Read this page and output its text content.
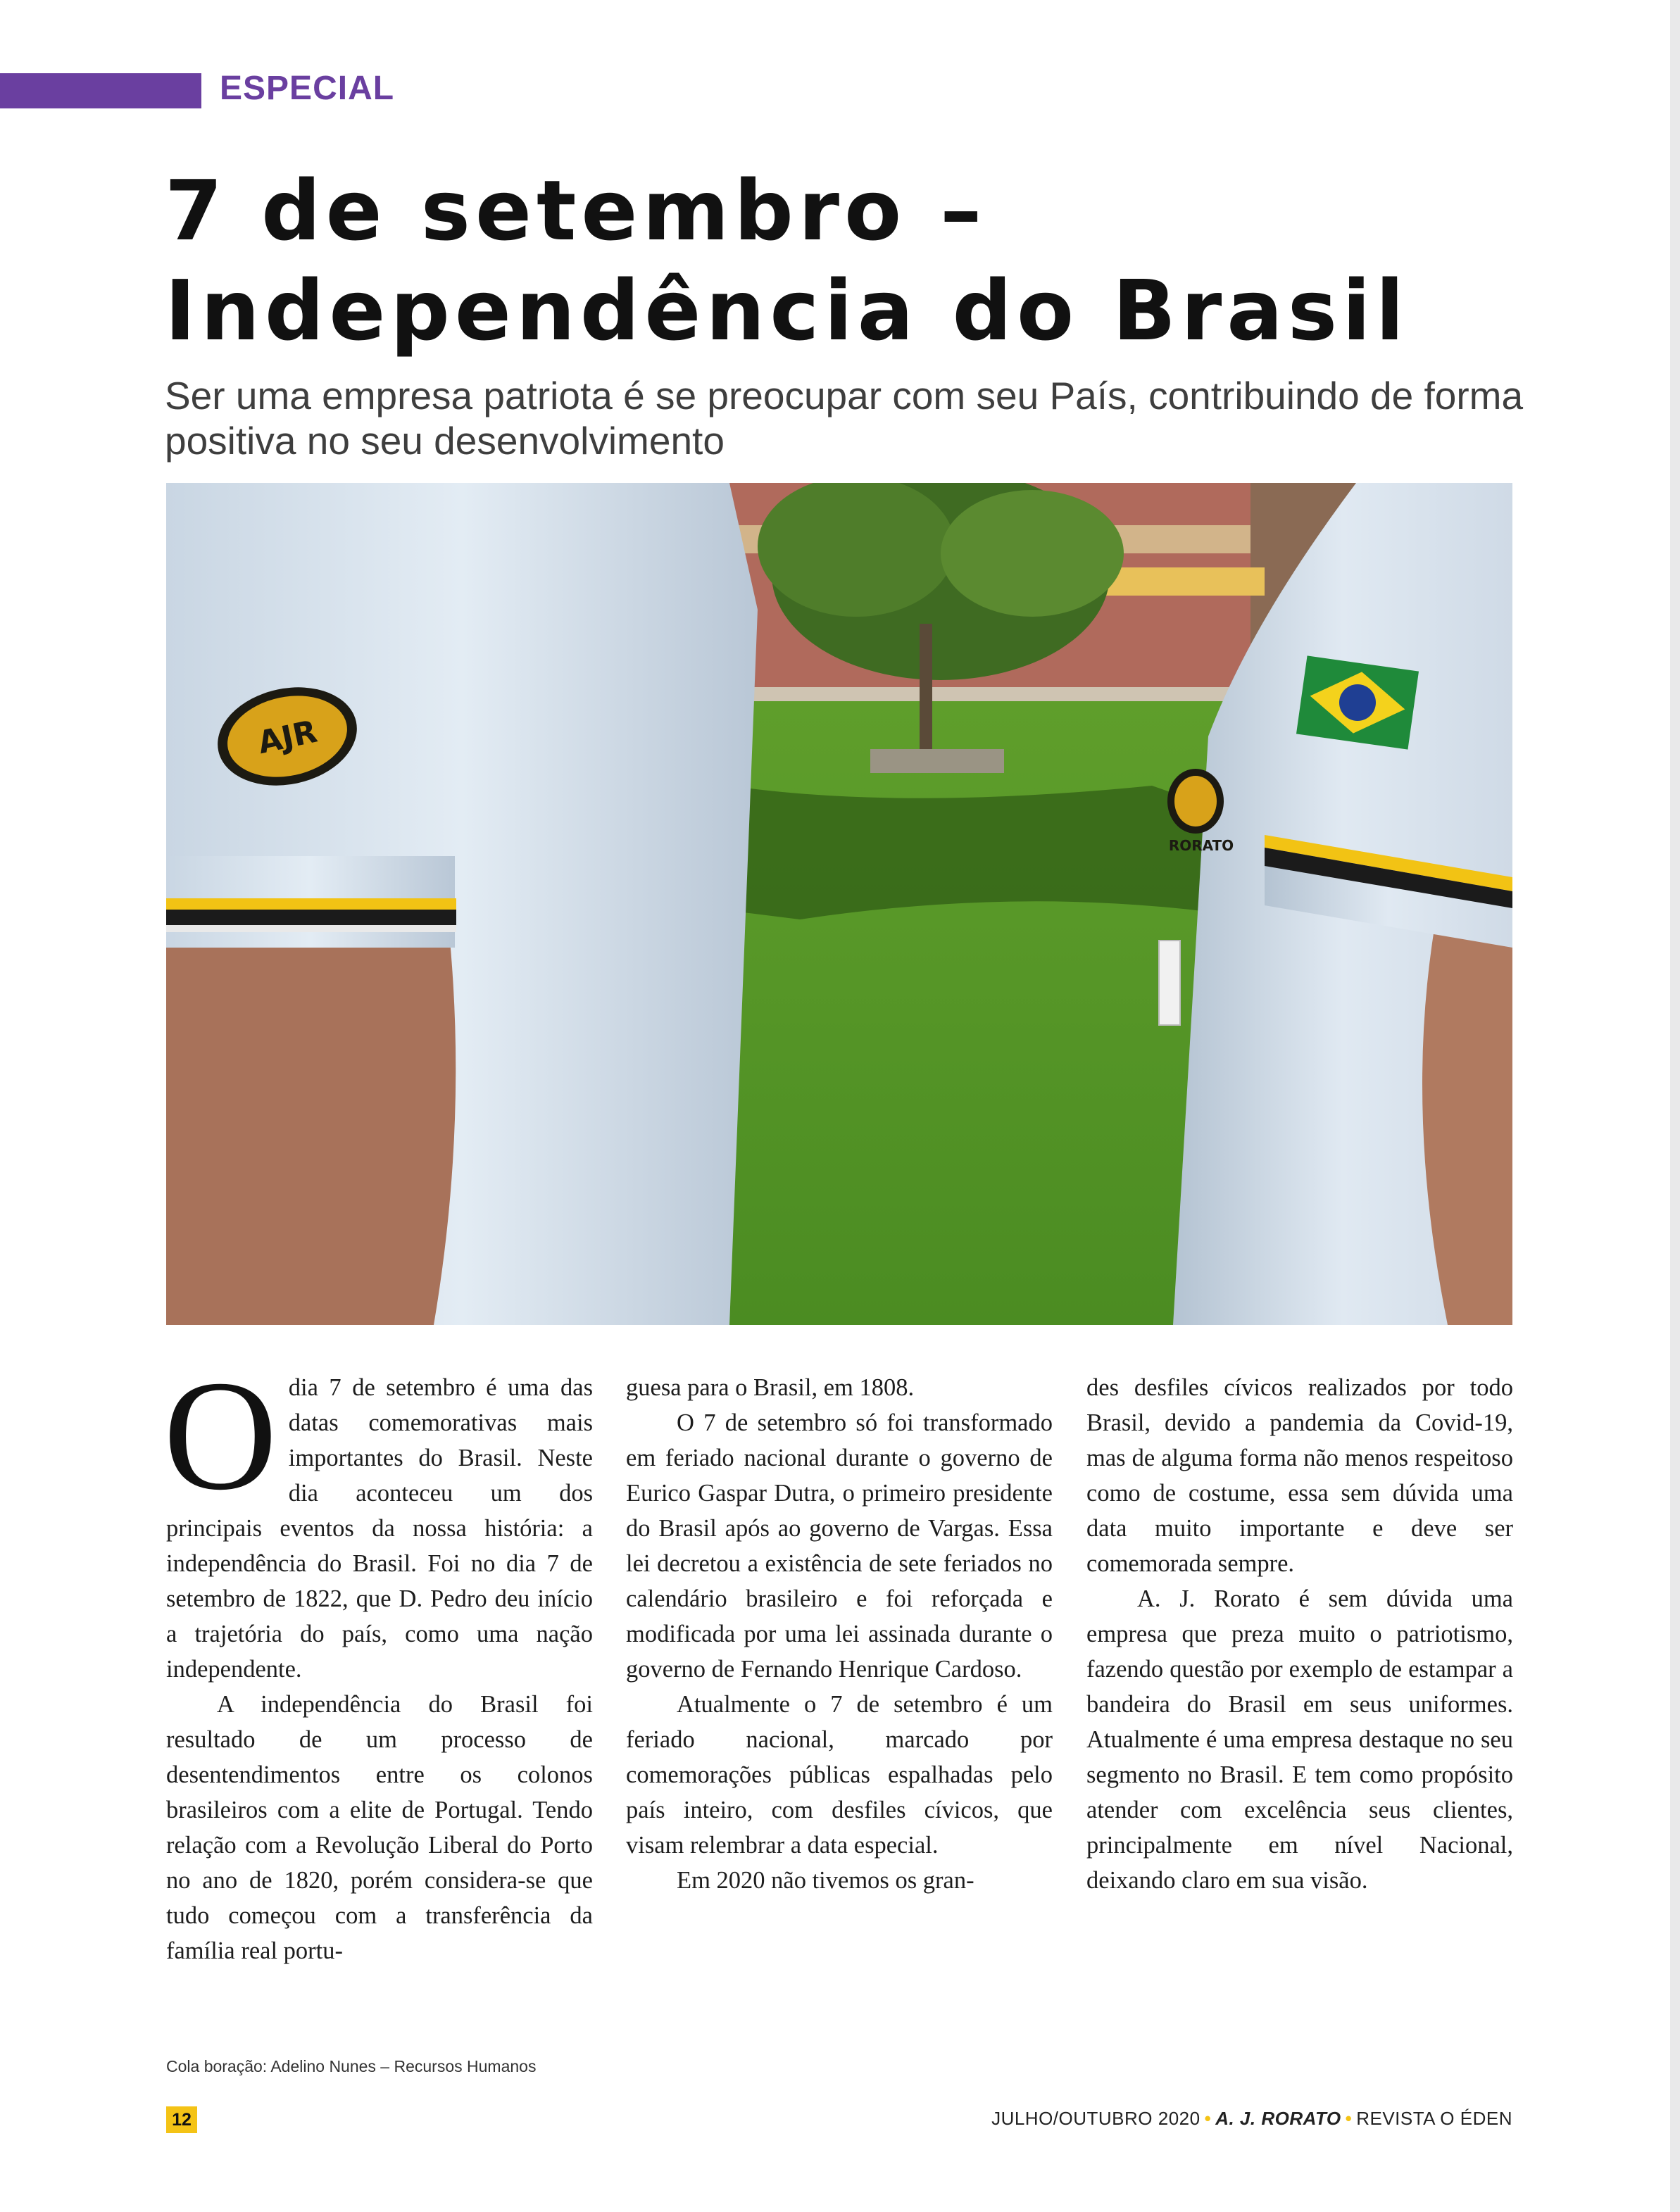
ESPECIAL
7 de setembro –
Independência do Brasil

Ser uma empresa patriota é se preocupar com seu País, contribuindo de forma positiva no seu desenvolvimento

AJR
RORATO

O dia 7 de setembro é uma das datas comemorativas mais importantes do Brasil. Neste dia aconteceu um dos principais eventos da nossa história: a independência do Brasil. Foi no dia 7 de setembro de 1822, que D. Pedro deu início a trajetória do país, como uma nação independente.

A independência do Brasil foi resultado de um processo de desentendimentos entre os colonos brasileiros com a elite de Portugal. Tendo relação com a Revolução Liberal do Porto no ano de 1820, porém considera-se que tudo começou com a transferência da família real portu-

guesa para o Brasil, em 1808.

O 7 de setembro só foi transformado em feriado nacional durante o governo de Eurico Gaspar Dutra, o primeiro presidente do Brasil após ao governo de Vargas. Essa lei decretou a existência de sete feriados no calendário brasileiro e foi reforçada e modificada por uma lei assinada durante o governo de Fernando Henrique Cardoso.

Atualmente o 7 de setembro é um feriado nacional, marcado por comemorações públicas espalhadas pelo país inteiro, com desfiles cívicos, que visam relembrar a data especial.

Em 2020 não tivemos os gran-

des desfiles cívicos realizados por todo Brasil, devido a pandemia da Covid-19, mas de alguma forma não menos respeitoso como de costume, essa sem dúvida uma data muito importante e deve ser comemorada sempre.

A. J. Rorato é sem dúvida uma empresa que preza muito o patriotismo, fazendo questão por exemplo de estampar a bandeira do Brasil em seus uniformes. Atualmente é uma empresa destaque no seu segmento no Brasil. E tem como propósito atender com excelência seus clientes, principalmente em nível Nacional, deixando claro em sua visão.

Cola boração: Adelino Nunes – Recursos Humanos
12	JULHO/OUTUBRO 2020 • A. J. RORATO • REVISTA O ÉDEN
